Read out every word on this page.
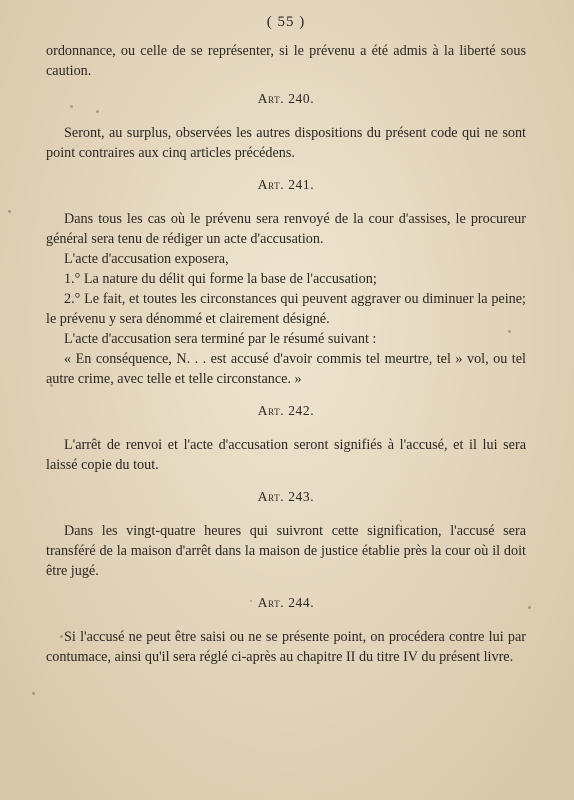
( 55 )

ordonnance, ou celle de se représenter, si le prévenu a été admis à la liberté sous caution.

Art. 240.

Seront, au surplus, observées les autres dispositions du présent code qui ne sont point contraires aux cinq articles précédens.

Art. 241.

Dans tous les cas où le prévenu sera renvoyé de la cour d'assises, le procureur général sera tenu de rédiger un acte d'accusation.

L'acte d'accusation exposera,

1.° La nature du délit qui forme la base de l'accusation;

2.° Le fait, et toutes les circonstances qui peuvent aggraver ou diminuer la peine; le prévenu y sera dénommé et clairement désigné.

L'acte d'accusation sera terminé par le résumé suivant :

« En conséquence, N. . . est accusé d'avoir commis tel meurtre, tel » vol, ou tel autre crime, avec telle et telle circonstance. »

Art. 242.

L'arrêt de renvoi et l'acte d'accusation seront signifiés à l'accusé, et il lui sera laissé copie du tout.

Art. 243.

Dans les vingt-quatre heures qui suivront cette signification, l'accusé sera transféré de la maison d'arrêt dans la maison de justice établie près la cour où il doit être jugé.

Art. 244.

Si l'accusé ne peut être saisi ou ne se présente point, on procédera contre lui par contumace, ainsi qu'il sera réglé ci-après au chapitre II du titre IV du présent livre.
